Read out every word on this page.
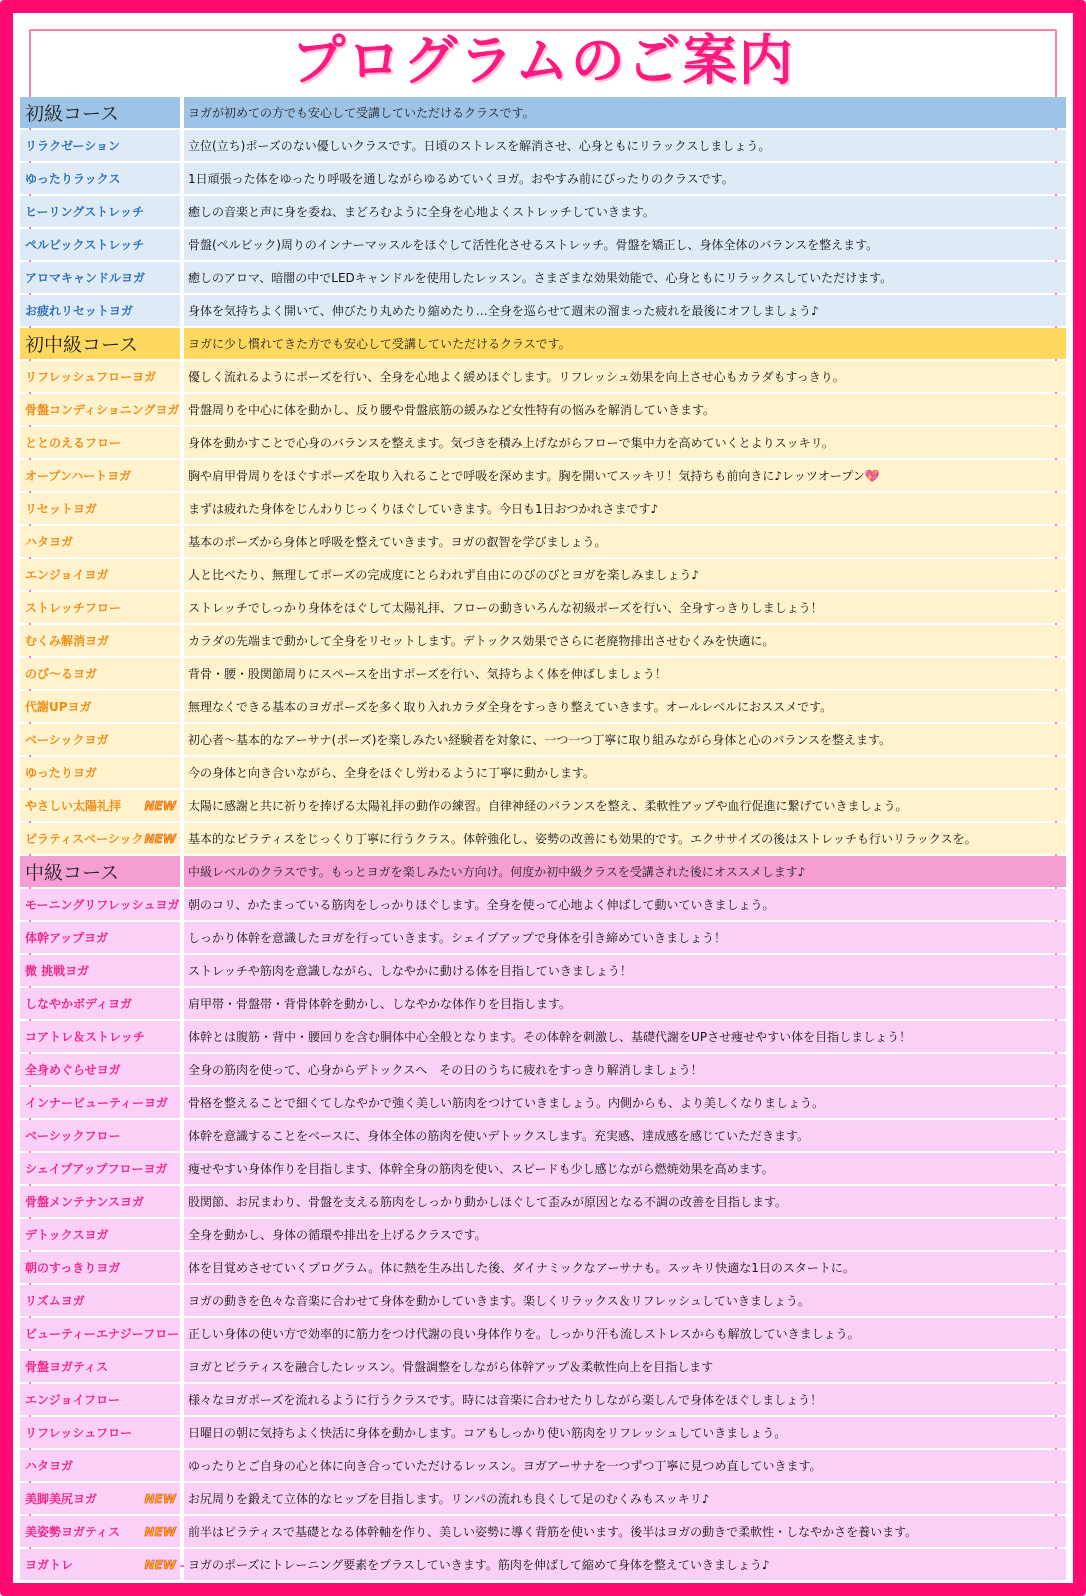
プログラムのご案内
初級コース	ヨガが初めての方でも安心して受講していただけるクラスです。
リラクゼーション	立位(立ち)ポーズのない優しいクラスです。日頃のストレスを解消させ、心身ともにリラックスしましょう。
ゆったりラックス	1日頑張った体をゆったり呼吸を通しながらゆるめていくヨガ。おやすみ前にぴったりのクラスです。
ヒーリングストレッチ	癒しの音楽と声に身を委ね、まどろむように全身を心地よくストレッチしていきます。
ペルビックストレッチ	骨盤(ペルビック)周りのインナーマッスルをほぐして活性化させるストレッチ。骨盤を矯正し、身体全体のバランスを整えます。
アロマキャンドルヨガ	癒しのアロマ、暗闇の中でLEDキャンドルを使用したレッスン。さまざまな効果効能で、心身ともにリラックスしていただけます。
お疲れリセットヨガ	身体を気持ちよく開いて、伸びたり丸めたり縮めたり…全身を巡らせて週末の溜まった疲れを最後にオフしましょう♪
初中級コース	ヨガに少し慣れてきた方でも安心して受講していただけるクラスです。
リフレッシュフローヨガ	優しく流れるようにポーズを行い、全身を心地よく緩めほぐします。リフレッシュ効果を向上させ心もカラダもすっきり。
骨盤コンディショニングヨガ 骨盤周りを中心に体を動かし、反り腰や骨盤底筋の緩みなど女性特有の悩みを解消していきます。
ととのえるフロー	身体を動かすことで心身のバランスを整えます。気づきを積み上げながらフローで集中力を高めていくとよりスッキリ。
オープンハートヨガ	胸や肩甲骨周りをほぐすポーズを取り入れることで呼吸を深めます。胸を開いてスッキリ！気持ちも前向きに♪レッツオープン💖
リセットヨガ	まずは疲れた身体をじんわりじっくりほぐしていきます。今日も1日おつかれさまです♪
ハタヨガ	基本のポーズから身体と呼吸を整えていきます。ヨガの叡智を学びましょう。
エンジョイヨガ	人と比べたり、無理してポーズの完成度にとらわれず自由にのびのびとヨガを楽しみましょう♪
ストレッチフロー	ストレッチでしっかり身体をほぐして太陽礼拝、フローの動きいろんな初級ポーズを行い、全身すっきりしましょう！
むくみ解消ヨガ	カラダの先端まで動かして全身をリセットします。デトックス効果でさらに老廃物排出させむくみを快適に。
のび～るヨガ	背骨・腰・股関節周りにスペースを出すポーズを行い、気持ちよく体を伸ばしましょう！
代謝UPヨガ	無理なくできる基本のヨガポーズを多く取り入れカラダ全身をすっきり整えていきます。オールレベルにおススメです。
ベーシックヨガ	初心者～基本的なアーサナ(ポーズ)を楽しみたい経験者を対象に、一つ一つ丁寧に取り組みながら身体と心のバランスを整えます。
ゆったりヨガ	今の身体と向き合いながら、全身をほぐし労わるように丁寧に動かします。
やさしい太陽礼拝 NEW	太陽に感謝と共に祈りを捧げる太陽礼拝の動作の練習。自律神経のバランスを整え、柔軟性アップや血行促進に繋げていきましょう。
ピラティスベーシック NEW	基本的なピラティスをじっくり丁寧に行うクラス。体幹強化し、姿勢の改善にも効果的です。エクササイズの後はストレッチも行いリラックスを。
中級コース	中級レベルのクラスです。もっとヨガを楽しみたい方向け。何度か初中級クラスを受講された後にオススメします♪
モーニングリフレッシュヨガ 朝のコリ、かたまっている筋肉をしっかりほぐします。全身を使って心地よく伸ばして動いていきましょう。
体幹アップヨガ	しっかり体幹を意識したヨガを行っていきます。シェイプアップで身体を引き締めていきましょう！
微 挑戦ヨガ	ストレッチや筋肉を意識しながら、しなやかに動ける体を目指していきましょう！
しなやかボディヨガ	肩甲帯・骨盤帯・背骨体幹を動かし、しなやかな体作りを目指します。
コアトレ＆ストレッチ	体幹とは腹筋・背中・腰回りを含む胴体中心全般となります。その体幹を刺激し、基礎代謝をUPさせ痩せやすい体を目指しましょう！
全身めぐらせヨガ	全身の筋肉を使って、心身からデトックスへ　その日のうちに疲れをすっきり解消しましょう！
インナービューティーヨガ	骨格を整えることで細くてしなやかで強く美しい筋肉をつけていきましょう。内側からも、より美しくなりましょう。
ベーシックフロー	体幹を意識することをベースに、身体全体の筋肉を使いデトックスします。充実感、達成感を感じていただきます。
シェイプアップフローヨガ	痩せやすい身体作りを目指します、体幹全身の筋肉を使い、スピードも少し感じながら燃焼効果を高めます。
骨盤メンテナンスヨガ	股関節、お尻まわり、骨盤を支える筋肉をしっかり動かしほぐして歪みが原因となる不調の改善を目指します。
デトックスヨガ	全身を動かし、身体の循環や排出を上げるクラスです。
朝のすっきりヨガ	体を目覚めさせていくプログラム。体に熱を生み出した後、ダイナミックなアーサナも。スッキリ快適な1日のスタートに。
リズムヨガ	ヨガの動きを色々な音楽に合わせて身体を動かしていきます。楽しくリラックス＆リフレッシュしていきましょう。
ビューティーエナジーフロー 正しい身体の使い方で効率的に筋力をつけ代謝の良い身体作りを。しっかり汗も流しストレスからも解放していきましょう。
骨盤ヨガティス	ヨガとピラティスを融合したレッスン。骨盤調整をしながら体幹アップ＆柔軟性向上を目指します
エンジョイフロー	様々なヨガポーズを流れるように行うクラスです。時には音楽に合わせたりしながら楽しんで身体をほぐしましょう！
リフレッシュフロー	日曜日の朝に気持ちよく快活に身体を動かします。コアもしっかり使い筋肉をリフレッシュしていきましょう。
ハタヨガ	ゆったりとご自身の心と体に向き合っていただけるレッスン。ヨガアーサナを一つずつ丁寧に見つめ直していきます。
美脚美尻ヨガ	NEW	お尻周りを鍛えて立体的なヒップを目指します。リンパの流れも良くして足のむくみもスッキリ♪
美姿勢ヨガティス NEW	前半はピラティスで基礎となる体幹軸を作り、美しい姿勢に導く背筋を使います。後半はヨガの動きで柔軟性・しなやかさを養います。
ヨガトレ	NEW	ヨガのポーズにトレーニング要素をプラスしていきます。筋肉を伸ばして縮めて身体を整えていきましょう♪
